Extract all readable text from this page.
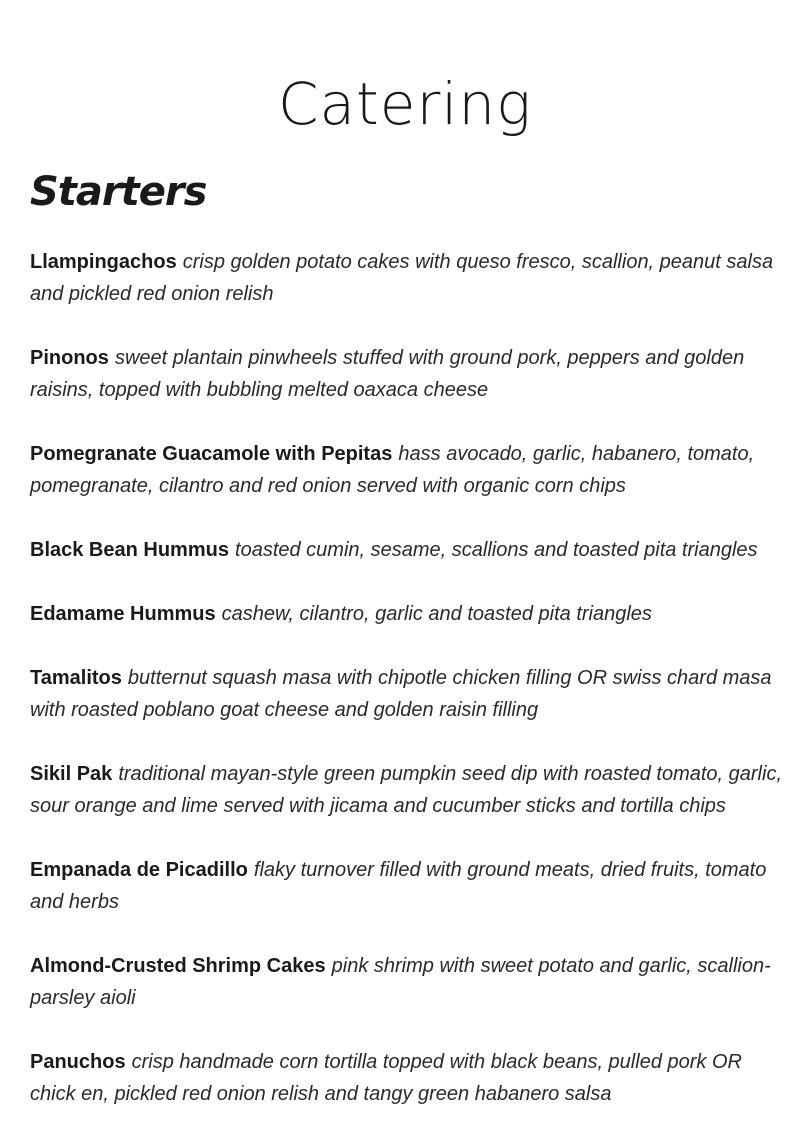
Catering
Starters
Llampingachos crisp golden potato cakes with queso fresco, scallion, peanut salsa and pickled red onion relish
Pinonos sweet plantain pinwheels stuffed with ground pork, peppers and golden raisins, topped with bubbling melted oaxaca cheese
Pomegranate Guacamole with Pepitas hass avocado, garlic, habanero, tomato, pomegranate, cilantro and red onion served with organic corn chips
Black Bean Hummus toasted cumin, sesame, scallions and toasted pita triangles
Edamame Hummus cashew, cilantro, garlic and toasted pita triangles
Tamalitos butternut squash masa with chipotle chicken filling OR swiss chard masa with roasted poblano goat cheese and golden raisin filling
Sikil Pak traditional mayan-style green pumpkin seed dip with roasted tomato, garlic, sour orange and lime served with jicama and cucumber sticks and tortilla chips
Empanada de Picadillo flaky turnover filled with ground meats, dried fruits, tomato and herbs
Almond-Crusted Shrimp Cakes pink shrimp with sweet potato and garlic, scallion-parsley aioli
Panuchos crisp handmade corn tortilla topped with black beans, pulled pork OR chick en, pickled red onion relish and tangy green habanero salsa
